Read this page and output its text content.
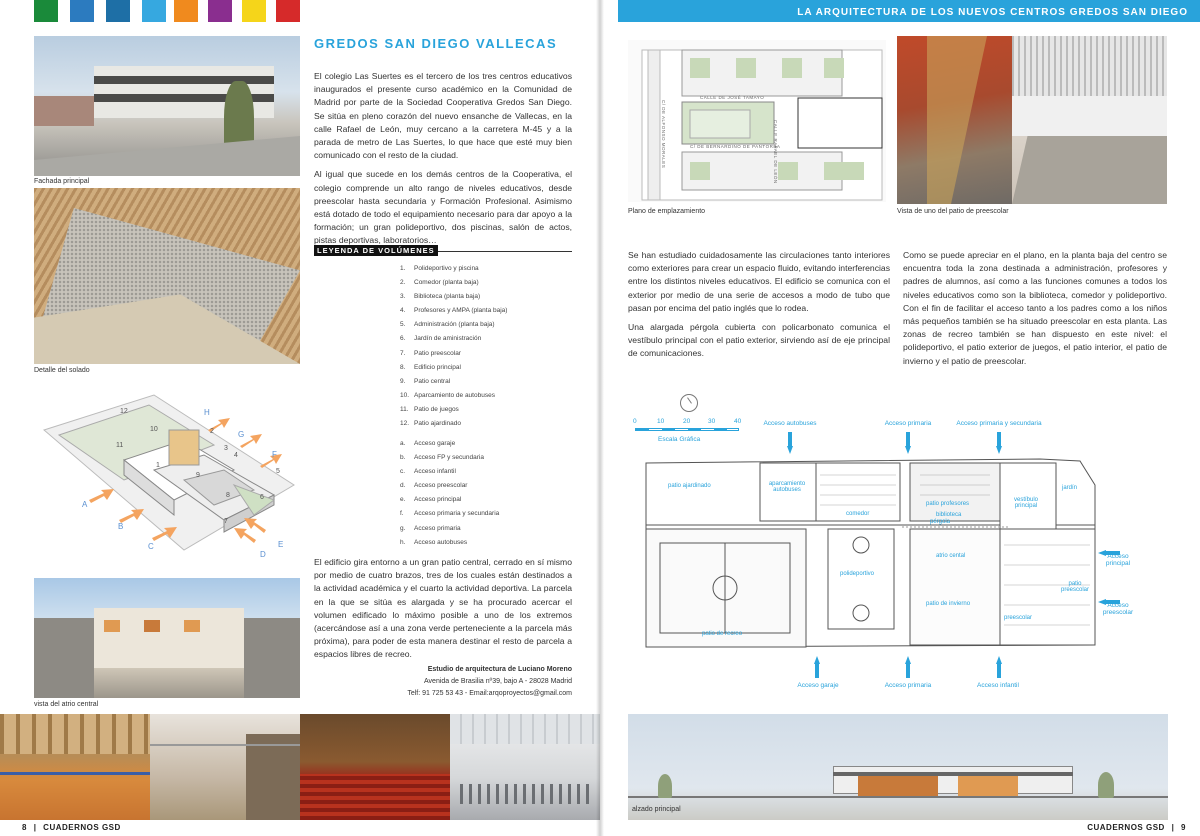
Fachada principal
Detalle del solado
12
10
11
1
2
3
4
5
9
8	6
7
H
G
F
A
B
C
D
E
vista del atrio central
GREDOS SAN DIEGO VALLECAS

El colegio Las Suertes es el tercero de los tres centros educativos inaugurados el presente curso académico en la Comunidad de Madrid por parte de la Sociedad Cooperativa Gredos San Diego. Se sitúa en pleno corazón del nuevo ensanche de Vallecas, en la calle Rafael de León, muy cercano a la carretera M-45 y a la parada de metro de Las Suertes, lo que hace que esté muy bien comunicado con el resto de la ciudad.

Al igual que sucede en los demás centros de la Cooperativa, el colegio comprende un alto rango de niveles educativos, desde preescolar hasta secundaria y Formación Profesional. Asimismo está dotado de todo el equipamiento necesario para dar apoyo a la formación; un gran polideportivo, dos piscinas, salón de actos, pistas deportivas, laboratorios…

LEYENDA DE VOLÚMENES
1. Polideportivo y piscina
2. Comedor (planta baja)
3. Biblioteca (planta baja)
4. Profesores y AMPA (planta baja)
5. Administración (planta baja)
6. Jardín de aministración
7. Patio preescolar
8. Edificio principal
9. Patio central
10. Aparcamiento de autobuses
11. Patio de juegos
12. Patio ajardinado
a. Acceso garaje
b. Acceso FP y secundaria
c. Acceso infantil
d. Acceso preescolar
e. Acceso principal
f. Acceso primaria y secundaria
g. Acceso primaria
h. Acceso autobuses
El edificio gira entorno a un gran patio central, cerrado en sí mismo por medio de cuatro brazos, tres de los cuales están destinados a la actividad académica y el cuarto la actividad deportiva. La parcela en la que se sitúa es alargada y se ha procurado acercar el volumen edificado lo máximo posible a uno de los extremos (acercándose así a una zona verde perteneciente a la parcela más próxima), para poder de esta manera destinar el resto de parcela a espacios libres de recreo.
Estudio de arquitectura de Luciano Moreno
Avenida de Brasilia nº39, bajo A - 28028 Madrid
Telf: 91 725 53 43 - Email:arqoproyectos@gmail.com
8 | CUADERNOS GSD
LA ARQUITECTURA DE LOS NUEVOS CENTROS GREDOS SAN DIEGO
CALLE DE JOSÉ TAMAYO
C/ DE BERNARDINO DE PANTORBA
CALLE RAFAEL DE LEÓN
C/ DE ALFONSO MORALES
Plano de emplazamiento	Vista de uno del patio de preescolar

Se han estudiado cuidadosamente las circulaciones tanto interiores como exteriores para crear un espacio fluido, evitando interferencias entre los distintos niveles educativos. El edificio se comunica con el exterior por medio de una serie de accesos a modo de tubo que pasan por encima del patio inglés que lo rodea.

Una alargada pérgola cubierta con policarbonato comunica el vestíbulo principal con el patio exterior, sirviendo así de eje principal de comunicaciones.

Como se puede apreciar en el plano, en la planta baja del centro se encuentra toda la zona destinada a administración, profesores y padres de alumnos, así como a las funciones comunes a todos los niveles educativos como son la biblioteca, comedor y polideportivo. Con el fin de facilitar el acceso tanto a los padres como a los niños más pequeños también se ha situado preescolar en esta planta. Las zonas de recreo también se han dispuesto en este nivel: el polideportivo, el patio exterior de juegos, el patio interior, el patio de invierno y el patio de preescolar.

0	10	20	30	40
Escala Gráfica
patio ajardinado	aparcamiento autobuses
comedor
patio profesores
biblioteca
vestíbulo principal
jardín
pérgola
atrio cental
polideportivo
patio de invierno
patio preescolar
preescolar
patio de recreo
Acceso autobuses	Acceso primaria	Acceso primaria y secundaria
Acceso garaje	Acceso primaria	Acceso infantil
Acceso principal
Acceso preescolar
alzado principal
CUADERNOS GSD | 9
